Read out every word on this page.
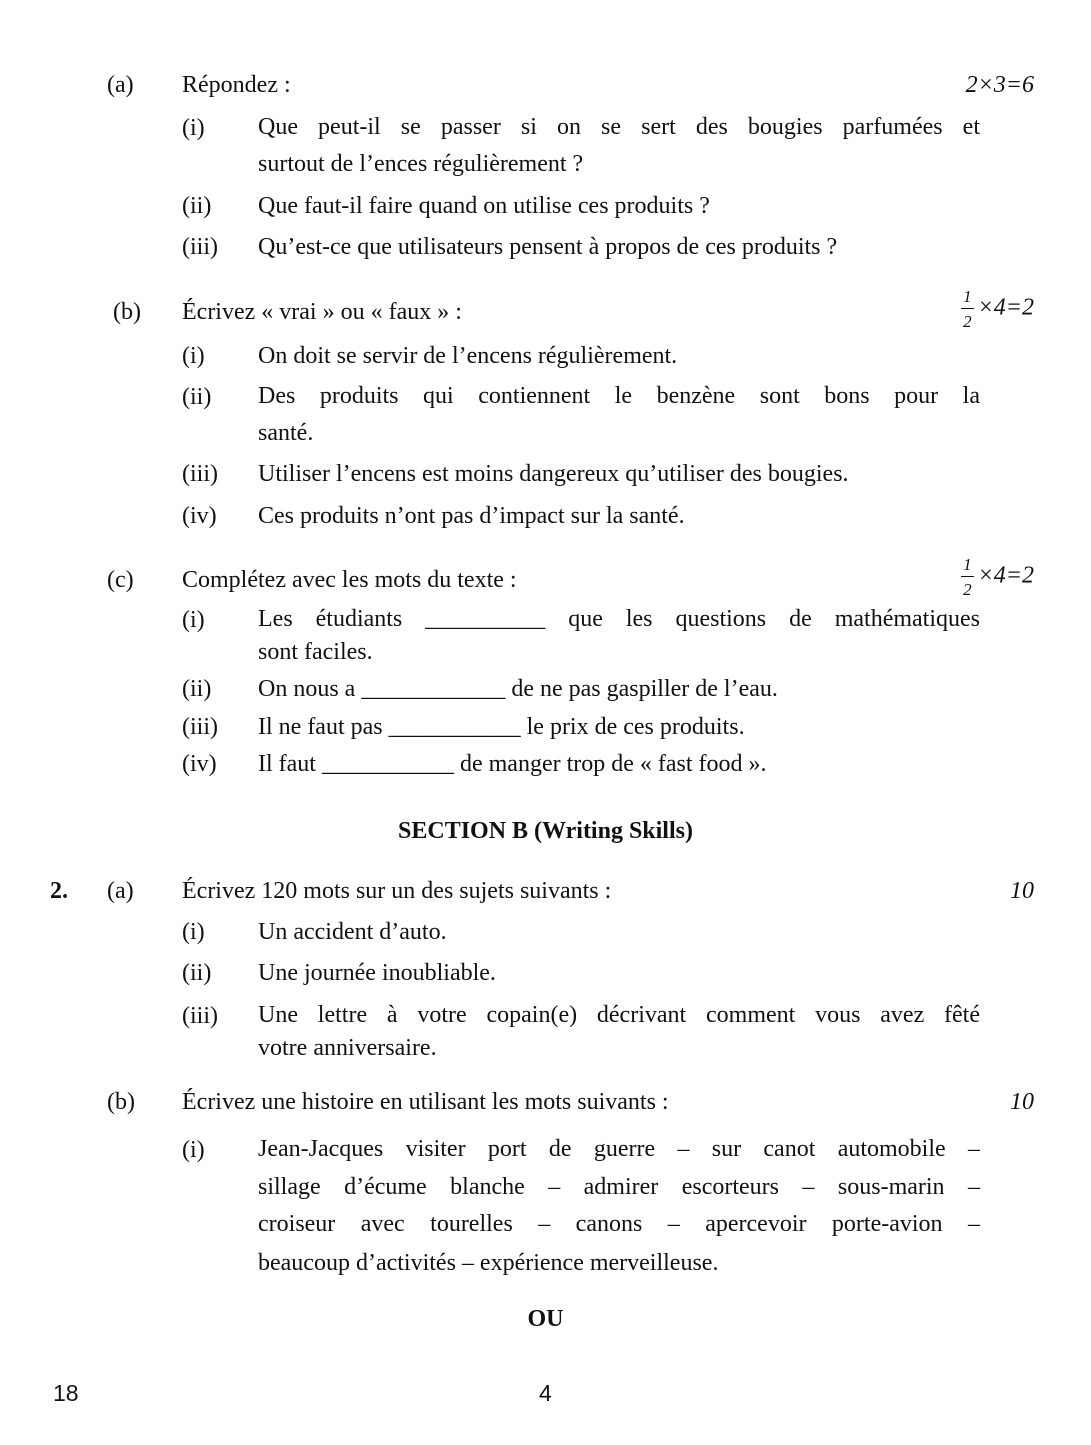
(a) Répondez :	2×3=6
(i) Que peut-il se passer si on se sert des bougies parfumées et
surtout de l’ences régulièrement ?
(ii) Que faut-il faire quand on utilise ces produits ?
(iii) Qu’est-ce que utilisateurs pensent à propos de ces produits ?
(b) Écrivez « vrai » ou « faux » :	$\frac{1}{2} \times 4=2$
(i) On doit se servir de l’encens régulièrement.
(ii) Des produits qui contiennent le benzène sont bons pour la
santé.
(iii) Utiliser l’encens est moins dangereux qu’utiliser des bougies.
(iv) Ces produits n’ont pas d’impact sur la santé.
(c) Complétez avec les mots du texte :	$\frac{1}{2} \times 4=2$
(i) Les étudiants __________ que les questions de mathématiques
sont faciles.
(ii) On nous a ____________ de ne pas gaspiller de l’eau.
(iii) Il ne faut pas ___________ le prix de ces produits.
(iv) Il faut ___________ de manger trop de « fast food ».
SECTION B (Writing Skills)
2. (a) Écrivez 120 mots sur un des sujets suivants :	10
(i) Un accident d’auto.
(ii) Une journée inoubliable.
(iii) Une lettre à votre copain(e) décrivant comment vous avez fêté
votre anniversaire.
(b) Écrivez une histoire en utilisant les mots suivants :	10
(i) Jean-Jacques visiter port de guerre – sur canot automobile –
sillage d’écume blanche – admirer escorteurs – sous-marin –
croiseur avec tourelles – canons – apercevoir porte-avion –
beaucoup d’activités – expérience merveilleuse.
OU
18	4
